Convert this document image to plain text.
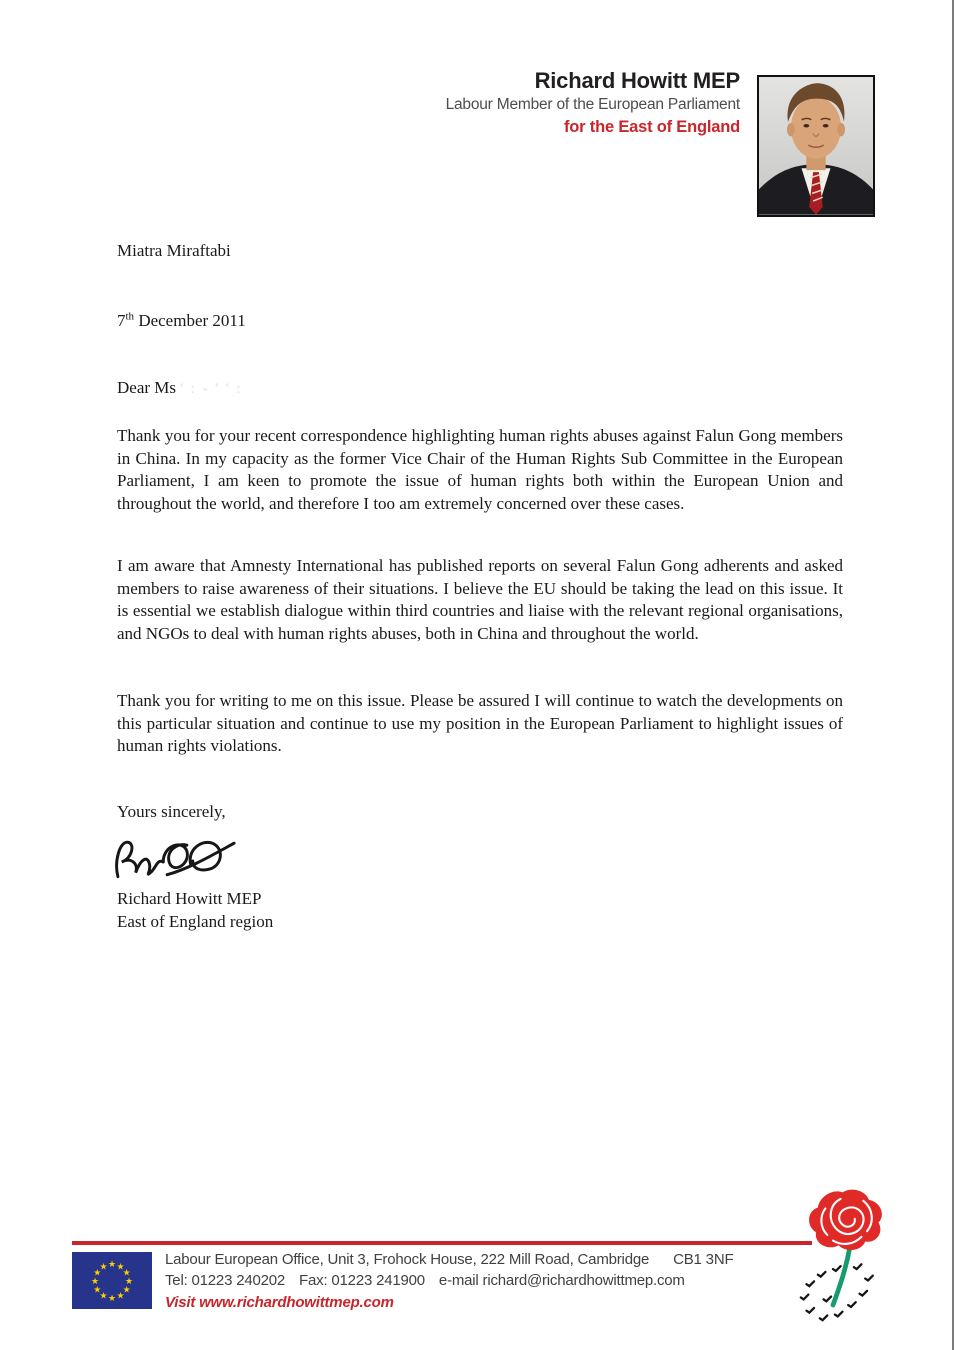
Richard Howitt MEP
Labour Member of the European Parliament
for the East of England
Miatra Miraftabi
7th December 2011
Dear Ms ' : - ' ' :
Thank you for your recent correspondence highlighting human rights abuses against Falun Gong members in China. In my capacity as the former Vice Chair of the Human Rights Sub Committee in the European Parliament, I am keen to promote the issue of human rights both within the European Union and throughout the world, and therefore I too am extremely concerned over these cases.
I am aware that Amnesty International has published reports on several Falun Gong adherents and asked members to raise awareness of their situations. I believe the EU should be taking the lead on this issue. It is essential we establish dialogue within third countries and liaise with the relevant regional organisations, and NGOs to deal with human rights abuses, both in China and throughout the world.
Thank you for writing to me on this issue. Please be assured I will continue to watch the developments on this particular situation and continue to use my position in the European Parliament to highlight issues of human rights violations.
Yours sincerely,
Richard Howitt MEP
East of England region
★ ★
★
★
★
★
★
★
★
★
★
★	Labour European Office, Unit 3, Frohock House, 222 Mill Road, Cambridge CB1 3NF
Tel: 01223 240202 Fax: 01223 241900 e-mail richard@richardhowittmep.com
Visit www.richardhowittmep.com
